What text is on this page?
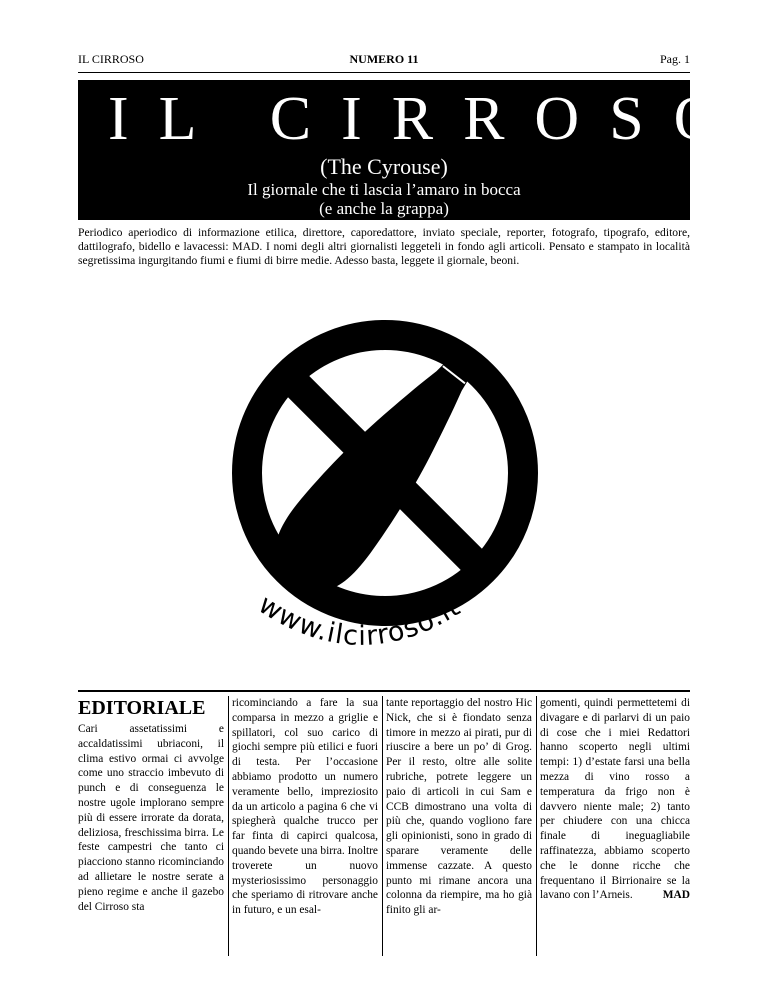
IL CIRROSO	NUMERO 11	Pag. 1
IL CIRROSO
(The Cyrouse)
Il giornale che ti lascia l’amaro in bocca
(e anche la grappa)
Periodico aperiodico di informazione etilica, direttore, caporedattore, inviato speciale, reporter, fotografo, tipografo, editore, dattilografo, bidello e lavacessi: MAD. I nomi degli altri giornalisti leggeteli in fondo agli articoli. Pensato e stampato in località segretissima ingurgitando fiumi e fiumi di birre medie. Adesso basta, leggete il giornale, beoni.
www.ilcirroso.it
EDITORIALE

Cari assetatissimi e accaldatissimi ubriaconi, il clima estivo ormai ci avvolge come uno straccio imbevuto di punch e di conseguenza le nostre ugole implorano sempre più di essere irrorate da dorata, deliziosa, freschissima birra. Le feste campestri che tanto ci piacciono stanno ricominciando ad allietare le nostre serate a pieno regime e anche il gazebo del Cirroso sta

ricominciando a fare la sua comparsa in mezzo a griglie e spillatori, col suo carico di giochi sempre più etilici e fuori di testa. Per l’occasione abbiamo prodotto un numero veramente bello, impreziosito da un articolo a pagina 6 che vi spiegherà qualche trucco per far finta di capirci qualcosa, quando bevete una birra. Inoltre troverete un nuovo mysteriosissimo personaggio che speriamo di ritrovare anche in futuro, e un esal-

tante reportaggio del nostro Hic Nick, che si è fiondato senza timore in mezzo ai pirati, pur di riuscire a bere un po’ di Grog. Per il resto, oltre alle solite rubriche, potrete leggere un paio di articoli in cui Sam e CCB dimostrano una volta di più che, quando vogliono fare gli opinionisti, sono in grado di sparare veramente delle immense cazzate. A questo punto mi rimane ancora una colonna da riempire, ma ho già finito gli ar-

gomenti, quindi permettetemi di divagare e di parlarvi di un paio di cose che i miei Redattori hanno scoperto negli ultimi tempi: 1) d’estate farsi una bella mezza di vino rosso a temperatura da frigo non è davvero niente male; 2) tanto per chiudere con una chicca finale di ineguagliabile raffinatezza, abbiamo scoperto che le donne ricche che frequentano il Birrionaire se la lavano con l’Arneis.	MAD
